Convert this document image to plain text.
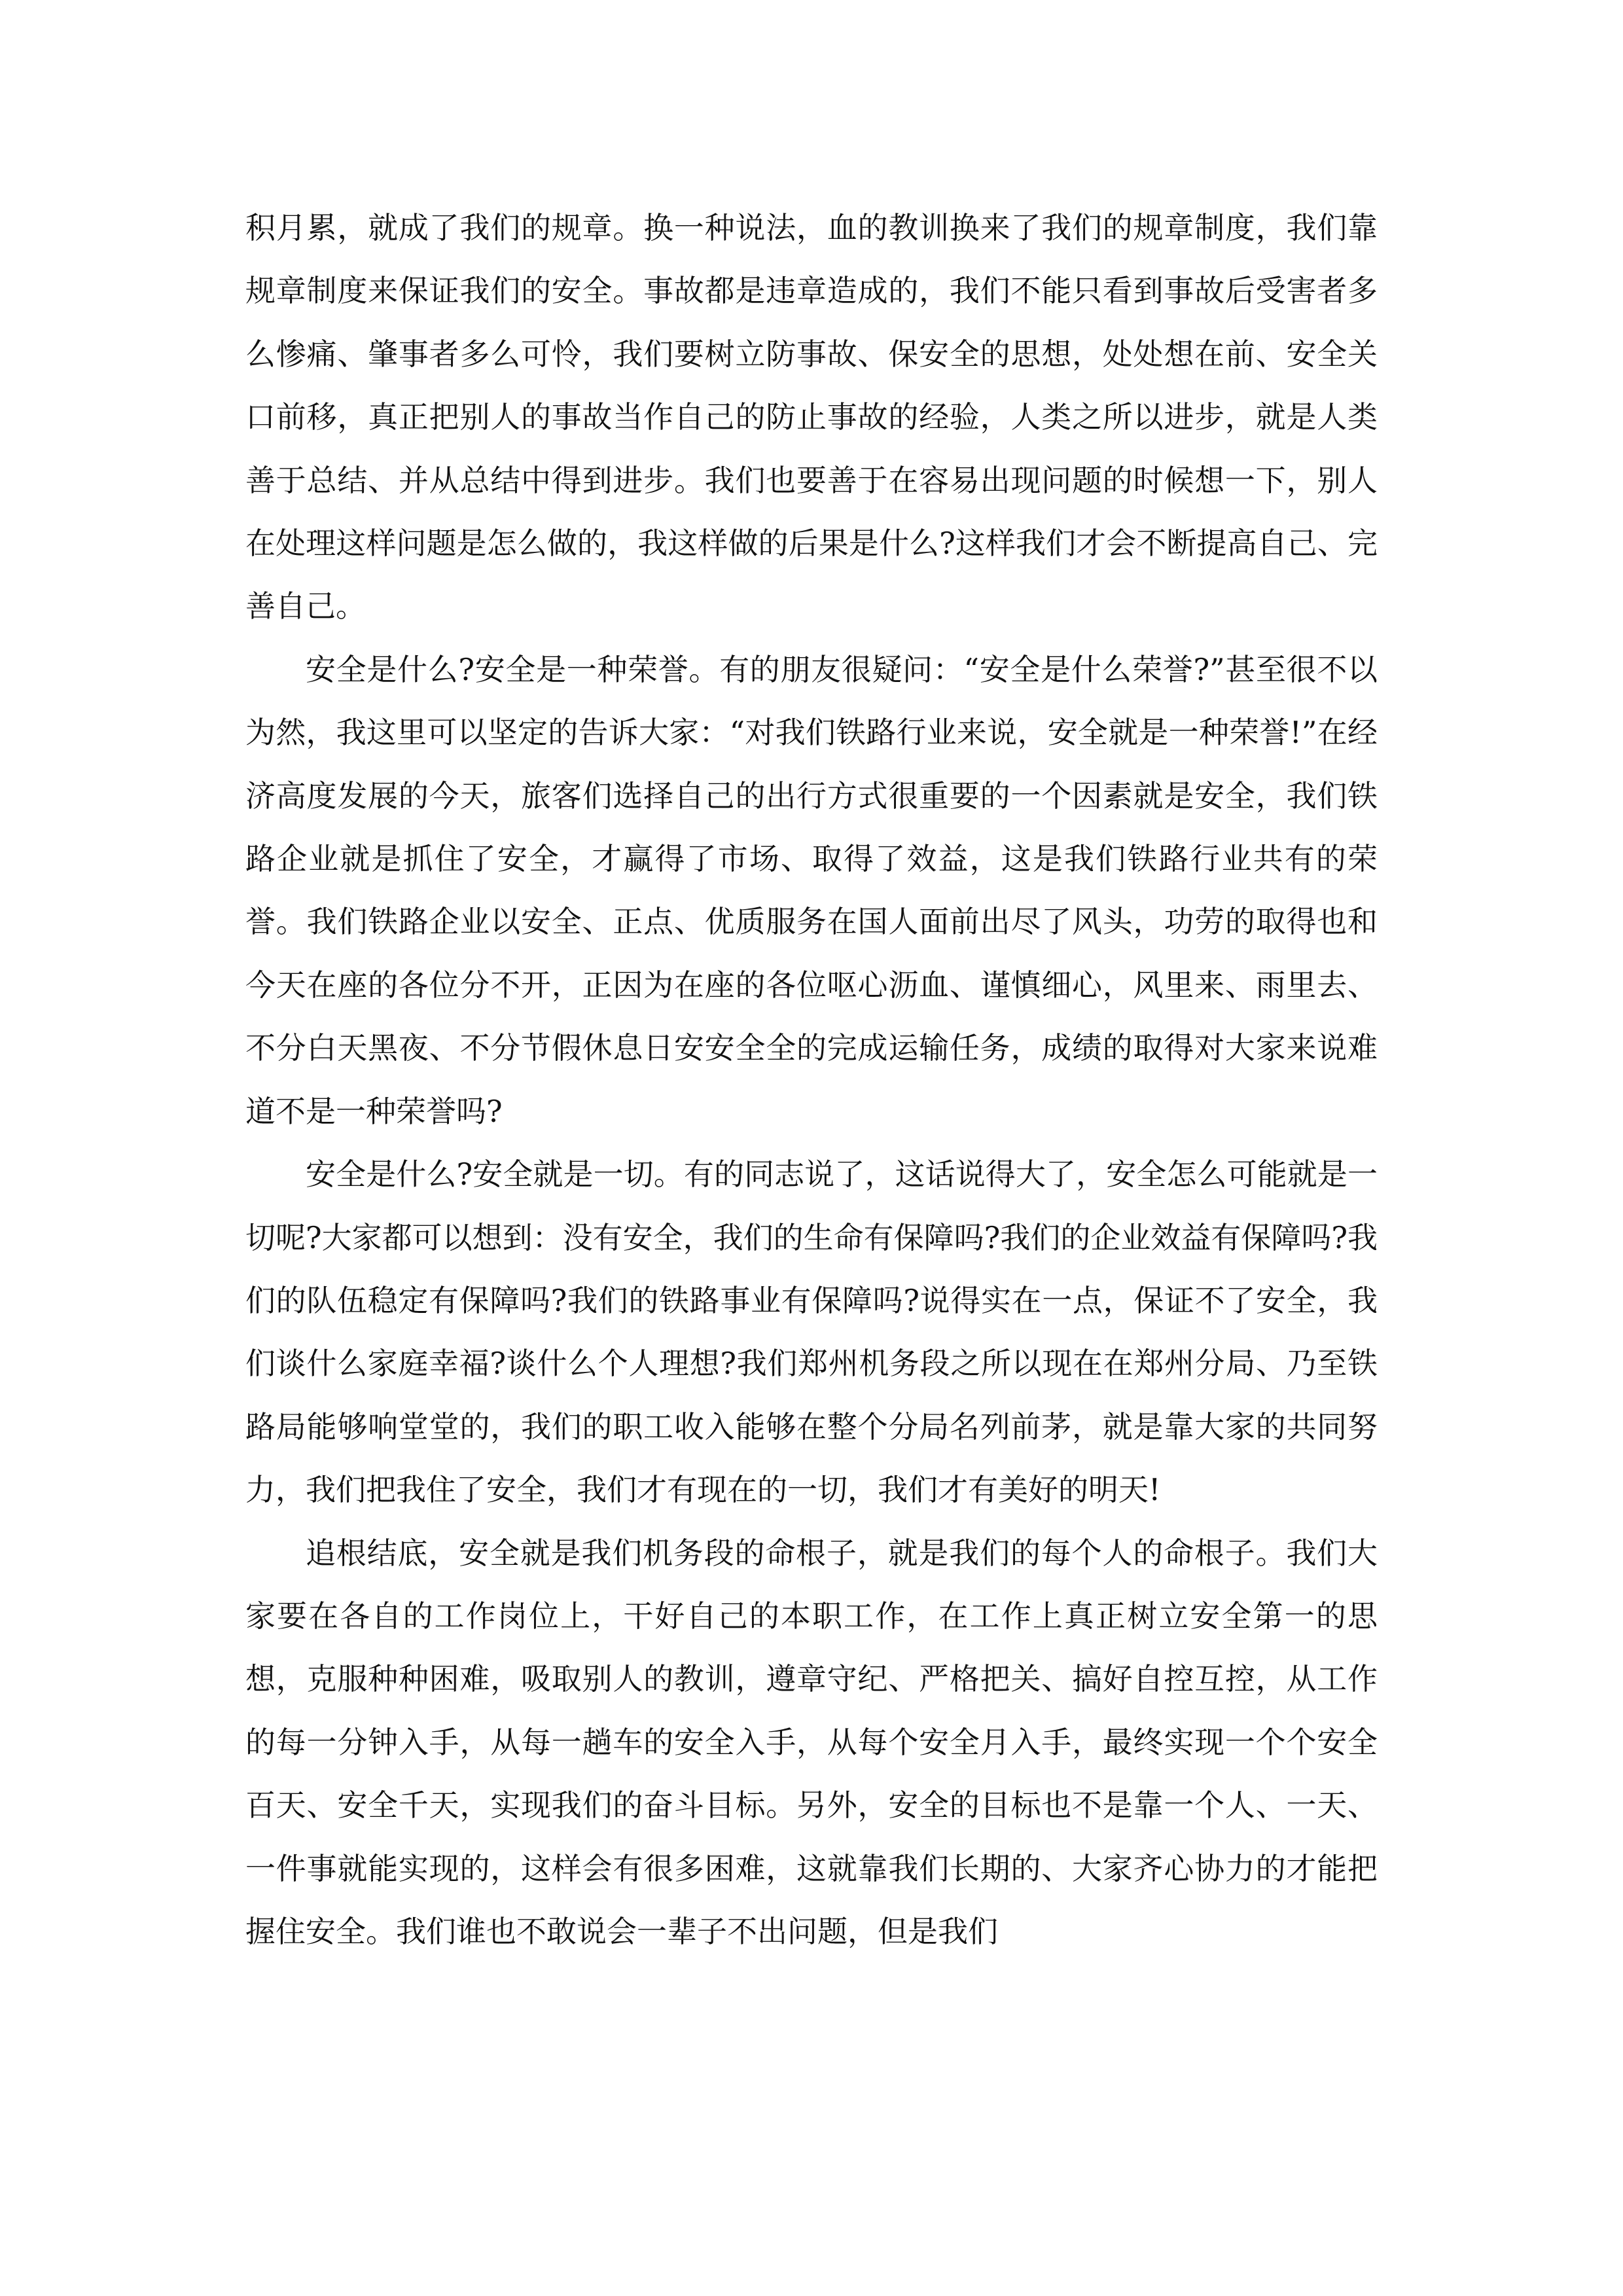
积月累，就成了我们的规章。换一种说法，血的教训换来了我们的规章制度，我们靠规章制度来保证我们的安全。事故都是违章造成的，我们不能只看到事故后受害者多么惨痛、肇事者多么可怜，我们要树立防事故、保安全的思想，处处想在前、安全关口前移，真正把别人的事故当作自己的防止事故的经验，人类之所以进步，就是人类善于总结、并从总结中得到进步。我们也要善于在容易出现问题的时候想一下，别人在处理这样问题是怎么做的，我这样做的后果是什么?这样我们才会不断提高自己、完善自己。

安全是什么?安全是一种荣誉。有的朋友很疑问：“安全是什么荣誉?”甚至很不以为然，我这里可以坚定的告诉大家：“对我们铁路行业来说，安全就是一种荣誉!”在经济高度发展的今天，旅客们选择自己的出行方式很重要的一个因素就是安全，我们铁路企业就是抓住了安全，才赢得了市场、取得了效益，这是我们铁路行业共有的荣誉。我们铁路企业以安全、正点、优质服务在国人面前出尽了风头，功劳的取得也和今天在座的各位分不开，正因为在座的各位呕心沥血、谨慎细心，风里来、雨里去、不分白天黑夜、不分节假休息日安安全全的完成运输任务，成绩的取得对大家来说难道不是一种荣誉吗?

安全是什么?安全就是一切。有的同志说了，这话说得大了，安全怎么可能就是一切呢?大家都可以想到：没有安全，我们的生命有保障吗?我们的企业效益有保障吗?我们的队伍稳定有保障吗?我们的铁路事业有保障吗?说得实在一点，保证不了安全，我们谈什么家庭幸福?谈什么个人理想?我们郑州机务段之所以现在在郑州分局、乃至铁路局能够响堂堂的，我们的职工收入能够在整个分局名列前茅，就是靠大家的共同努力，我们把我住了安全，我们才有现在的一切，我们才有美好的明天!

追根结底，安全就是我们机务段的命根子，就是我们的每个人的命根子。我们大家要在各自的工作岗位上，干好自己的本职工作，在工作上真正树立安全第一的思想，克服种种困难，吸取别人的教训，遵章守纪、严格把关、搞好自控互控，从工作的每一分钟入手，从每一趟车的安全入手，从每个安全月入手，最终实现一个个安全百天、安全千天，实现我们的奋斗目标。另外，安全的目标也不是靠一个人、一天、一件事就能实现的，这样会有很多困难，这就靠我们长期的、大家齐心协力的才能把握住安全。我们谁也不敢说会一辈子不出问题，但是我们
